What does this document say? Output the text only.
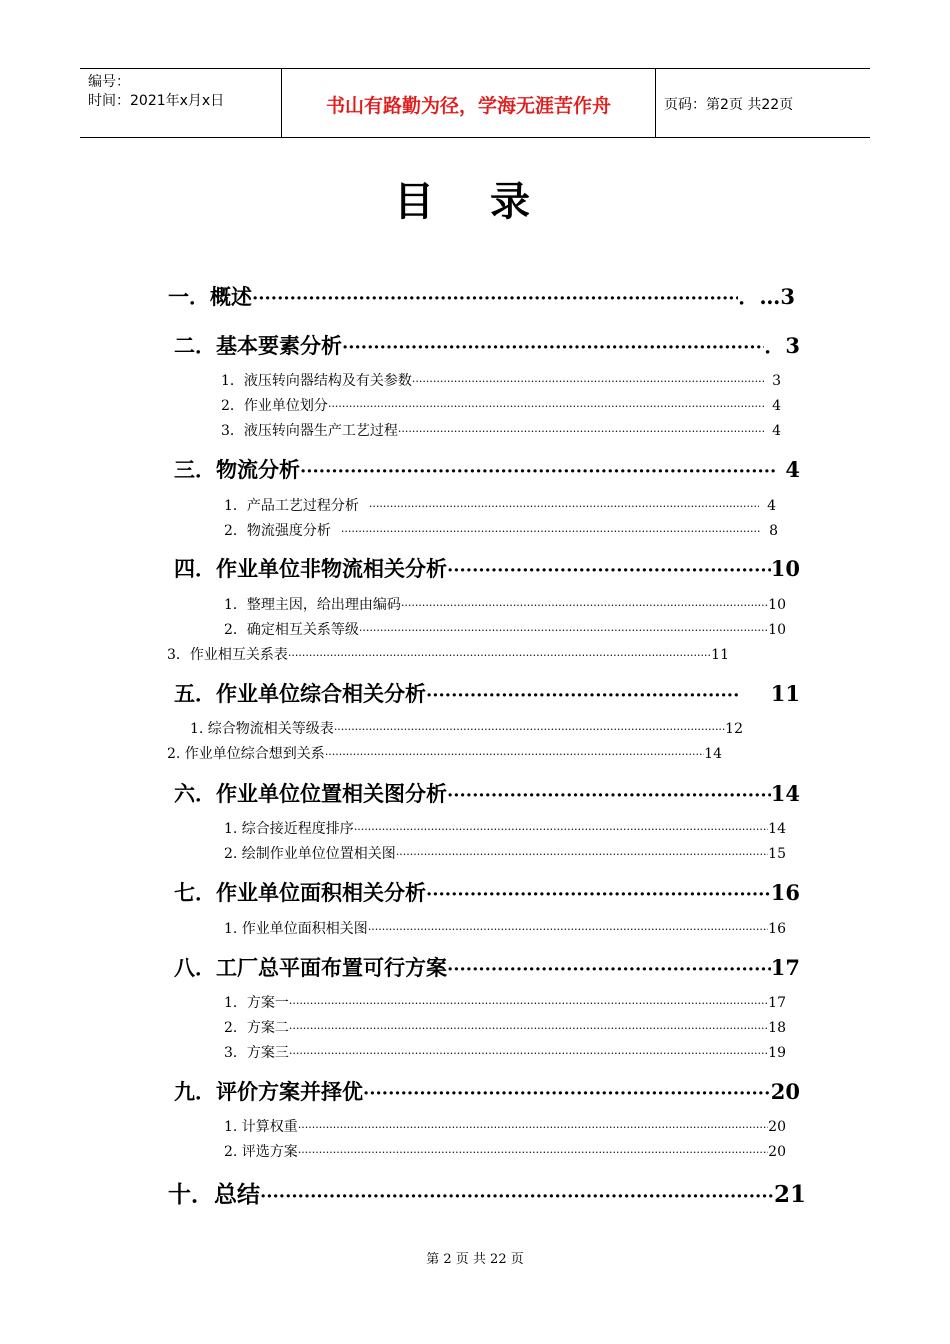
编号：
时间：2021年x月x日	书山有路勤为径，学海无涯苦作舟	页码：第2页 共22页
目录
一．概述 ·····	．… 3
二．基本要素分析 ·····	． 3
1．液压转向器结构及有关参数 ·····	3
2．作业单位划分 ·····	4
3．液压转向器生产工艺过程 ·····	4
三．物流分析 ·····	4
1．产品工艺过程分析 ·····	4
2．物流强度分析 ·····	8
四．作业单位非物流相关分析 ·····	10
1．整理主因，给出理由编码 ·····	10
2．确定相互关系等级 ·····	10
3．作业相互关系表 ·····	11
五．作业单位综合相关分析 ·····	11
1. 综合物流相关等级表 ·····	12
2. 作业单位综合想到关系 ·····	14
六．作业单位位置相关图分析 ·····	14
1. 综合接近程度排序 ·····	14
2. 绘制作业单位位置相关图 ·····	15
七．作业单位面积相关分析 ·····	16
1. 作业单位面积相关图 ·····	16
八．工厂总平面布置可行方案 ·····	17
1．方案一 ·····	17
2．方案二 ·····	18
3．方案三 ·····	19
九．评价方案并择优 ·····	20
1. 计算权重 ·····	20
2. 评选方案 ·····	20
十．总结 ·····	21
第 2 页 共 22 页
